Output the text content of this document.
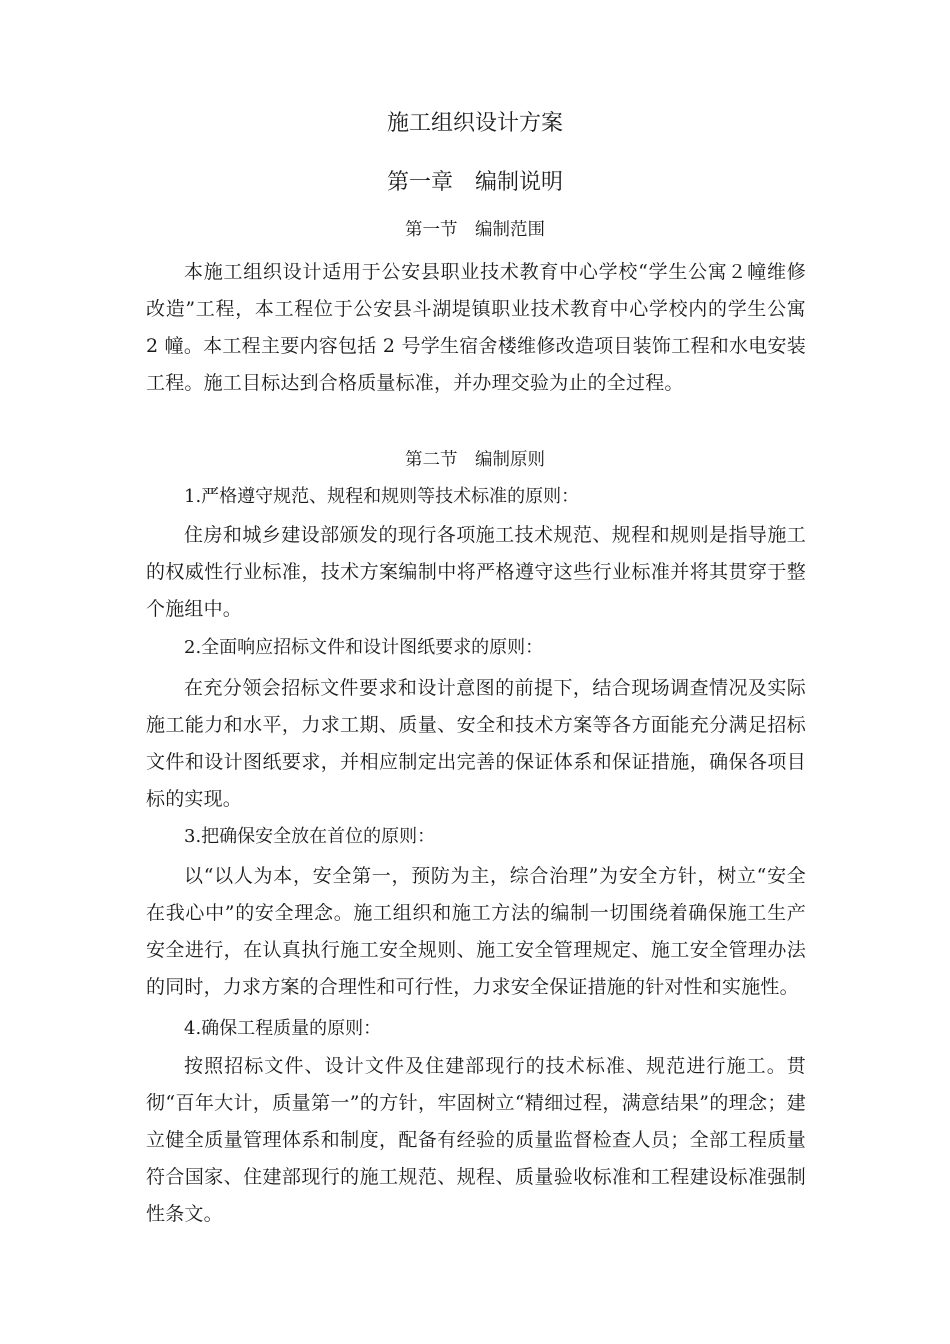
施工组织设计方案
第一章　编制说明
第一节　编制范围

本施工组织设计适用于公安县职业技术教育中心学校“学生公寓２幢维修改造”工程，本工程位于公安县斗湖堤镇职业技术教育中心学校内的学生公寓 2 幢。本工程主要内容包括 2 号学生宿舍楼维修改造项目装饰工程和水电安装工程。施工目标达到合格质量标准，并办理交验为止的全过程。

第二节　编制原则
1.严格遵守规范、规程和规则等技术标准的原则：

住房和城乡建设部颁发的现行各项施工技术规范、规程和规则是指导施工的权威性行业标准，技术方案编制中将严格遵守这些行业标准并将其贯穿于整个施组中。

2.全面响应招标文件和设计图纸要求的原则：

在充分领会招标文件要求和设计意图的前提下，结合现场调查情况及实际施工能力和水平，力求工期、质量、安全和技术方案等各方面能充分满足招标文件和设计图纸要求，并相应制定出完善的保证体系和保证措施，确保各项目标的实现。

3.把确保安全放在首位的原则：

以“以人为本，安全第一，预防为主，综合治理”为安全方针，树立“安全在我心中”的安全理念。施工组织和施工方法的编制一切围绕着确保施工生产安全进行，在认真执行施工安全规则、施工安全管理规定、施工安全管理办法的同时，力求方案的合理性和可行性，力求安全保证措施的针对性和实施性。

4.确保工程质量的原则：

按照招标文件、设计文件及住建部现行的技术标准、规范进行施工。贯彻“百年大计，质量第一”的方针，牢固树立“精细过程，满意结果”的理念；建立健全质量管理体系和制度，配备有经验的质量监督检查人员；全部工程质量符合国家、住建部现行的施工规范、规程、质量验收标准和工程建设标准强制性条文。
